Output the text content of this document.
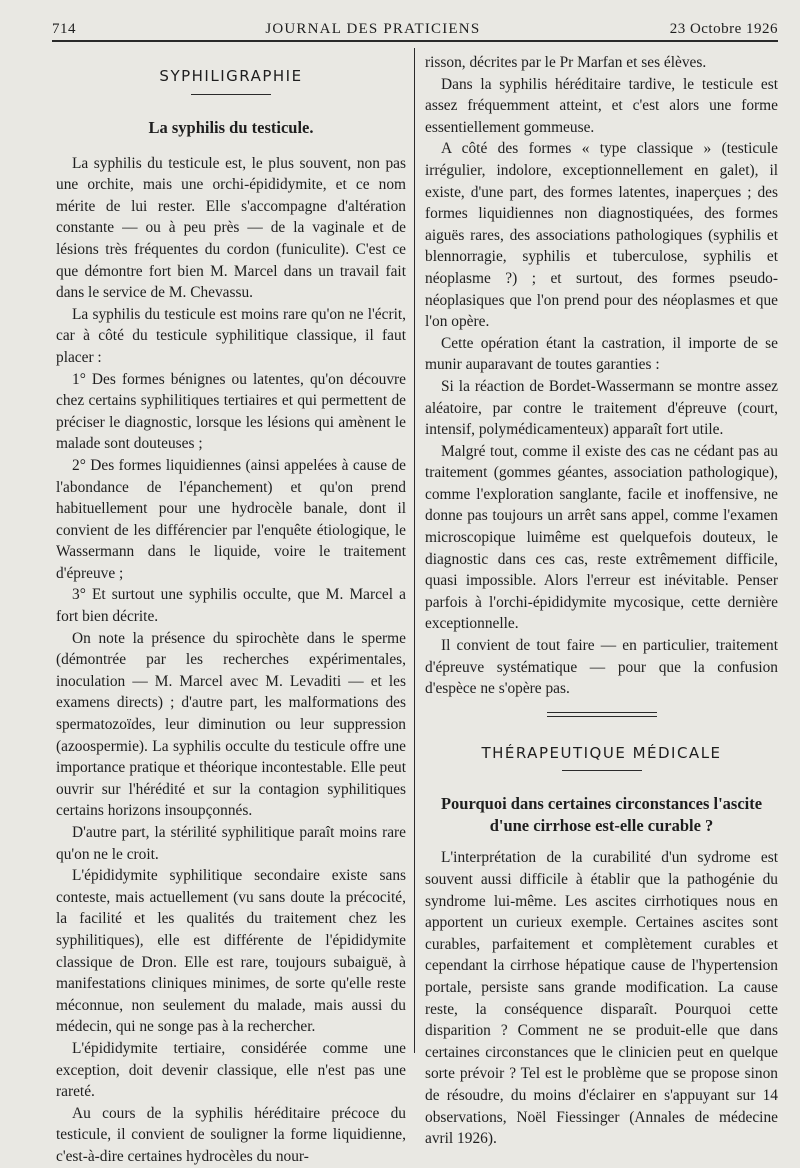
714	JOURNAL DES PRATICIENS	23 Octobre 1926
SYPHILIGRAPHIE
La syphilis du testicule.

La syphilis du testicule est, le plus souvent, non pas une orchite, mais une orchi-épididymite, et ce nom mérite de lui rester. Elle s'accompagne d'altération constante — ou à peu près — de la vaginale et de lésions très fréquentes du cordon (funiculite). C'est ce que démontre fort bien M. Marcel dans un travail fait dans le service de M. Chevassu.

La syphilis du testicule est moins rare qu'on ne l'écrit, car à côté du testicule syphilitique classique, il faut placer :

1° Des formes bénignes ou latentes, qu'on découvre chez certains syphilitiques tertiaires et qui permettent de préciser le diagnostic, lorsque les lésions qui amènent le malade sont douteuses ;

2° Des formes liquidiennes (ainsi appelées à cause de l'abondance de l'épanchement) et qu'on prend habituellement pour une hydrocèle banale, dont il convient de les différencier par l'enquête étiologique, le Wassermann dans le liquide, voire le traitement d'épreuve ;

3° Et surtout une syphilis occulte, que M. Marcel a fort bien décrite.

On note la présence du spirochète dans le sperme (démontrée par les recherches expérimentales, inoculation — M. Marcel avec M. Levaditi — et les examens directs) ; d'autre part, les malformations des spermatozoïdes, leur diminution ou leur suppression (azoospermie). La syphilis occulte du testicule offre une importance pratique et théorique incontestable. Elle peut ouvrir sur l'hérédité et sur la contagion syphilitiques certains horizons insoupçonnés.

D'autre part, la stérilité syphilitique paraît moins rare qu'on ne le croit.

L'épididymite syphilitique secondaire existe sans conteste, mais actuellement (vu sans doute la précocité, la facilité et les qualités du traitement chez les syphilitiques), elle est différente de l'épididymite classique de Dron. Elle est rare, toujours subaiguë, à manifestations cliniques minimes, de sorte qu'elle reste méconnue, non seulement du malade, mais aussi du médecin, qui ne songe pas à la rechercher.

L'épididymite tertiaire, considérée comme une exception, doit devenir classique, elle n'est pas une rareté.

Au cours de la syphilis héréditaire précoce du testicule, il convient de souligner la forme liquidienne, c'est-à-dire certaines hydrocèles du nour-

risson, décrites par le Pr Marfan et ses élèves.

Dans la syphilis héréditaire tardive, le testicule est assez fréquemment atteint, et c'est alors une forme essentiellement gommeuse.

A côté des formes « type classique » (testicule irrégulier, indolore, exceptionnellement en galet), il existe, d'une part, des formes latentes, inaperçues ; des formes liquidiennes non diagnostiquées, des formes aiguës rares, des associations pathologiques (syphilis et blennorragie, syphilis et tuberculose, syphilis et néoplasme ?) ; et surtout, des formes pseudo-néoplasiques que l'on prend pour des néoplasmes et que l'on opère.

Cette opération étant la castration, il importe de se munir auparavant de toutes garanties :

Si la réaction de Bordet-Wassermann se montre assez aléatoire, par contre le traitement d'épreuve (court, intensif, polymédicamenteux) apparaît fort utile.

Malgré tout, comme il existe des cas ne cédant pas au traitement (gommes géantes, association pathologique), comme l'exploration sanglante, facile et inoffensive, ne donne pas toujours un arrêt sans appel, comme l'examen microscopique luimême est quelquefois douteux, le diagnostic dans ces cas, reste extrêmement difficile, quasi impossible. Alors l'erreur est inévitable. Penser parfois à l'orchi-épididymite mycosique, cette dernière exceptionnelle.

Il convient de tout faire — en particulier, traitement d'épreuve systématique — pour que la confusion d'espèce ne s'opère pas.

THÉRAPEUTIQUE MÉDICALE
Pourquoi dans certaines circonstances l'ascite d'une cirrhose est-elle curable ?

L'interprétation de la curabilité d'un sydrome est souvent aussi difficile à établir que la pathogénie du syndrome lui-même. Les ascites cirrhotiques nous en apportent un curieux exemple. Certaines ascites sont curables, parfaitement et complètement curables et cependant la cirrhose hépatique cause de l'hypertension portale, persiste sans grande modification. La cause reste, la conséquence disparaît. Pourquoi cette disparition ? Comment ne se produit-elle que dans certaines circonstances que le clinicien peut en quelque sorte prévoir ? Tel est le problème que se propose sinon de résoudre, du moins d'éclairer en s'appuyant sur 14 observations, Noël Fiessinger (Annales de médecine avril 1926).
